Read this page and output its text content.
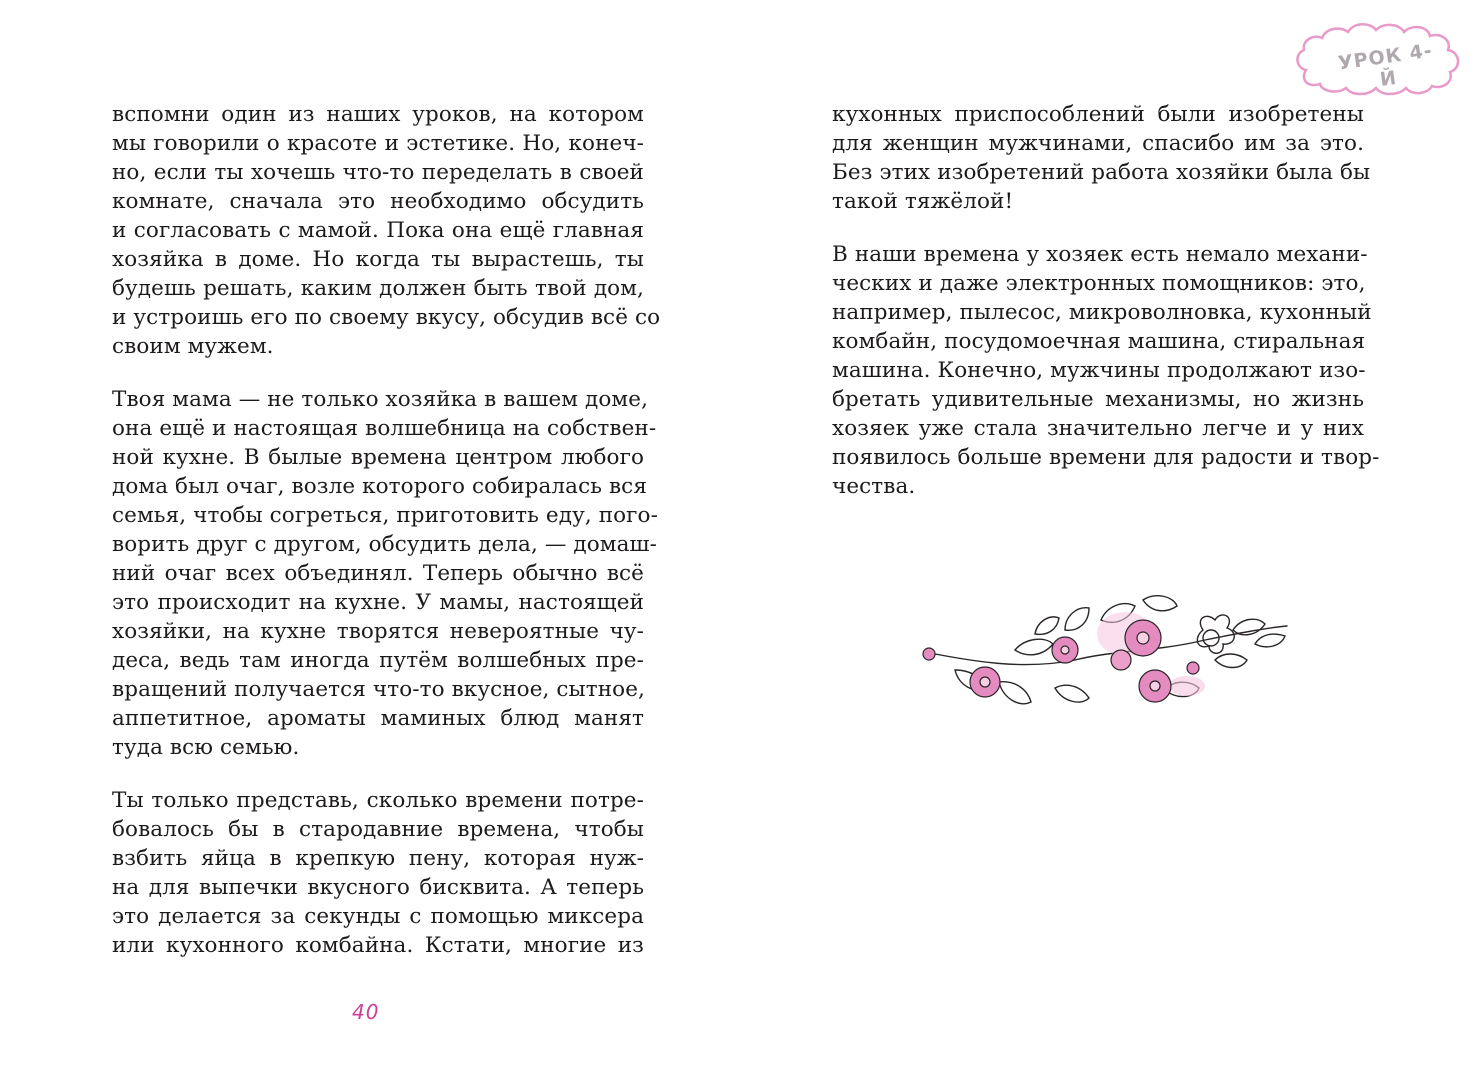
вспомни один из наших уроков, на котором
мы говорили о красоте и эстетике. Но, конеч-
но, если ты хочешь что-то переделать в своей
комнате, сначала это необходимо обсудить
и согласовать с мамой. Пока она ещё главная
хозяйка в доме. Но когда ты вырастешь, ты
будешь решать, каким должен быть твой дом,
и устроишь его по своему вкусу, обсудив всё со
своим мужем.
Твоя мама — не только хозяйка в вашем доме,
она ещё и настоящая волшебница на собствен-
ной кухне. В былые времена центром любого
дома был очаг, возле которого собиралась вся
семья, чтобы согреться, приготовить еду, пого-
ворить друг с другом, обсудить дела, — домаш-
ний очаг всех объединял. Теперь обычно всё
это происходит на кухне. У мамы, настоящей
хозяйки, на кухне творятся невероятные чу-
деса, ведь там иногда путём волшебных пре-
вращений получается что-то вкусное, сытное,
аппетитное, ароматы маминых блюд манят
туда всю семью.
Ты только представь, сколько времени потре-
бовалось бы в стародавние времена, чтобы
взбить яйца в крепкую пену, которая нуж-
на для выпечки вкусного бисквита. А теперь
это делается за секунды с помощью миксера
или кухонного комбайна. Кстати, многие из
40
УРОК 4-Й
кухонных приспособлений были изобретены
для женщин мужчинами, спасибо им за это.
Без этих изобретений работа хозяйки была бы
такой тяжёлой!
В наши времена у хозяек есть немало механи-
ческих и даже электронных помощников: это,
например, пылесос, микроволновка, кухонный
комбайн, посудомоечная машина, стиральная
машина. Конечно, мужчины продолжают изо-
бретать удивительные механизмы, но жизнь
хозяек уже стала значительно легче и у них
появилось больше времени для радости и твор-
чества.
